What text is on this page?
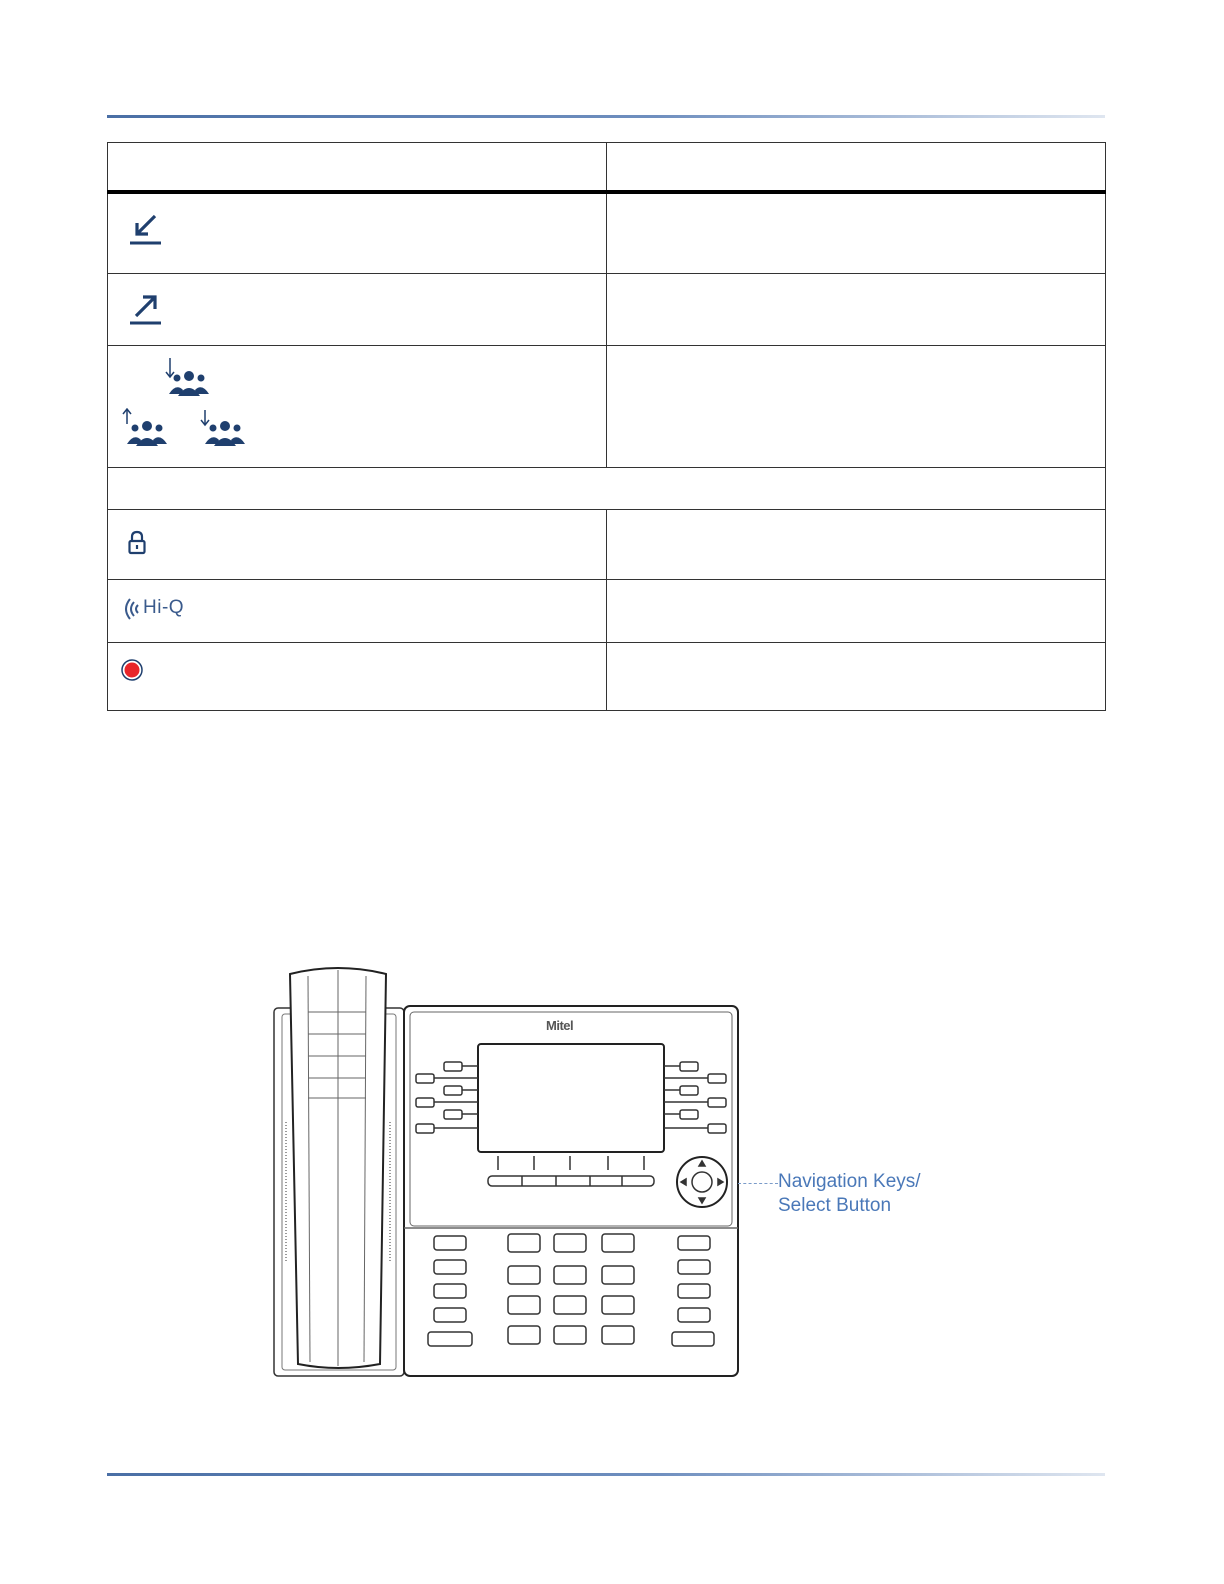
Hi-Q	

Mitel
Navigation Keys/
Select Button
